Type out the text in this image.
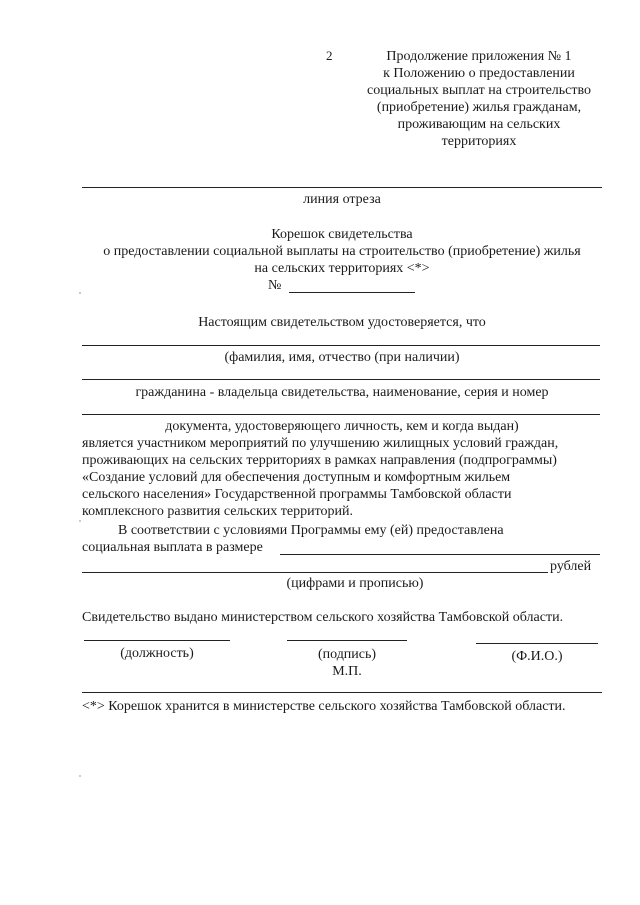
2	Продолжение приложения № 1
к Положению о предоставлении
социальных выплат на строительство
(приобретение) жилья гражданам,
проживающим на сельских
территориях
линия отреза
Корешок свидетельства
о предоставлении социальной выплаты на строительство (приобретение) жилья
на сельских территориях <*>
№
Настоящим свидетельством удостоверяется, что
(фамилия, имя, отчество (при наличии)
гражданина - владельца свидетельства, наименование, серия и номер
документа, удостоверяющего личность, кем и когда выдан)
является участником мероприятий по улучшению жилищных условий граждан,
проживающих на сельских территориях в рамках направления (подпрограммы)
«Создание условий для обеспечения доступным и комфортным жильем
сельского населения» Государственной программы Тамбовской области
комплексного развития сельских территорий.
В соответствии с условиями Программы ему (ей) предоставлена
социальная выплата в размере
рублей
(цифрами и прописью)
Свидетельство выдано министерством сельского хозяйства Тамбовской области.
(должность)	(подпись)	(Ф.И.О.)
М.П.
<*> Корешок хранится в министерстве сельского хозяйства Тамбовской области.
